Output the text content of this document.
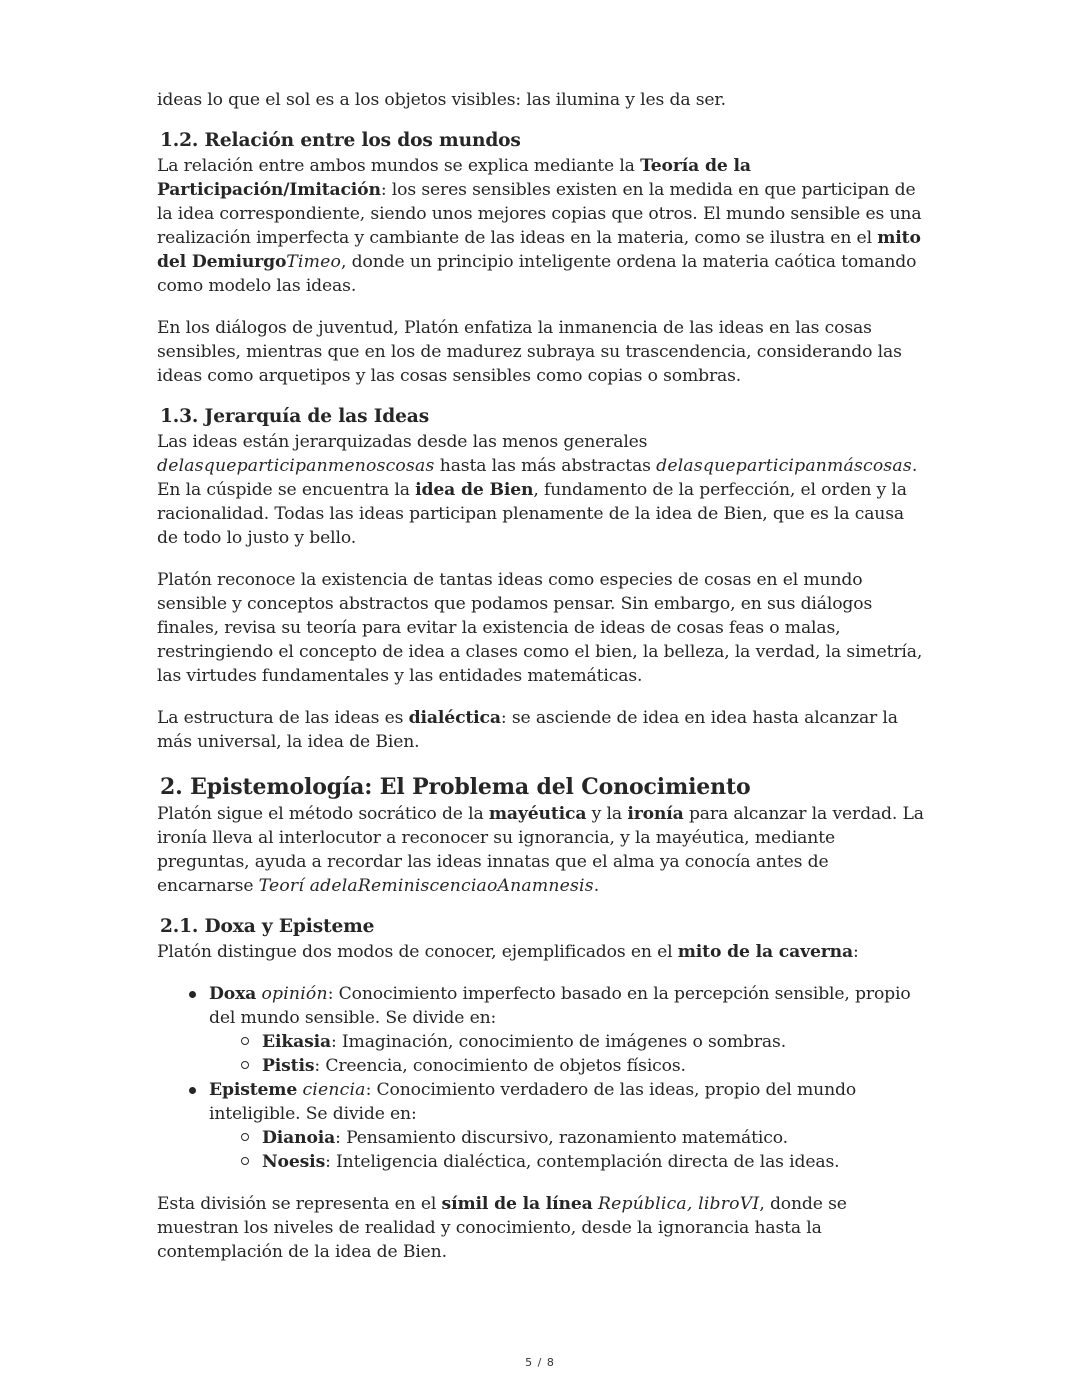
ideas lo que el sol es a los objetos visibles: las ilumina y les da ser.

1.2. Relación entre los dos mundos

La relación entre ambos mundos se explica mediante la Teoría de la Participación/Imitación: los seres sensibles existen en la medida en que participan de la idea correspondiente, siendo unos mejores copias que otros. El mundo sensible es una realización imperfecta y cambiante de las ideas en la materia, como se ilustra en el mito del DemiurgoTimeo, donde un principio inteligente ordena la materia caótica tomando como modelo las ideas.

En los diálogos de juventud, Platón enfatiza la inmanencia de las ideas en las cosas sensibles, mientras que en los de madurez subraya su trascendencia, considerando las ideas como arquetipos y las cosas sensibles como copias o sombras.

1.3. Jerarquía de las Ideas

Las ideas están jerarquizadas desde las menos generales delasqueparticipanmenoscosas hasta las más abstractas delasqueparticipanmáscosas. En la cúspide se encuentra la idea de Bien, fundamento de la perfección, el orden y la racionalidad. Todas las ideas participan plenamente de la idea de Bien, que es la causa de todo lo justo y bello.

Platón reconoce la existencia de tantas ideas como especies de cosas en el mundo sensible y conceptos abstractos que podamos pensar. Sin embargo, en sus diálogos finales, revisa su teoría para evitar la existencia de ideas de cosas feas o malas, restringiendo el concepto de idea a clases como el bien, la belleza, la verdad, la simetría, las virtudes fundamentales y las entidades matemáticas.

La estructura de las ideas es dialéctica: se asciende de idea en idea hasta alcanzar la más universal, la idea de Bien.

2. Epistemología: El Problema del Conocimiento

Platón sigue el método socrático de la mayéutica y la ironía para alcanzar la verdad. La ironía lleva al interlocutor a reconocer su ignorancia, y la mayéutica, mediante preguntas, ayuda a recordar las ideas innatas que el alma ya conocía antes de encarnarse Teorí adelaReminiscenciaoAnamnesis.

2.1. Doxa y Episteme

Platón distingue dos modos de conocer, ejemplificados en el mito de la caverna:

Doxa opinión: Conocimiento imperfecto basado en la percepción sensible, propio del mundo sensible. Se divide en:
Eikasia: Imaginación, conocimiento de imágenes o sombras.
Pistis: Creencia, conocimiento de objetos físicos.
Episteme ciencia: Conocimiento verdadero de las ideas, propio del mundo inteligible. Se divide en:
Dianoia: Pensamiento discursivo, razonamiento matemático.
Noesis: Inteligencia dialéctica, contemplación directa de las ideas.

Esta división se representa en el símil de la línea República, libroVI, donde se muestran los niveles de realidad y conocimiento, desde la ignorancia hasta la contemplación de la idea de Bien.

5 / 8
